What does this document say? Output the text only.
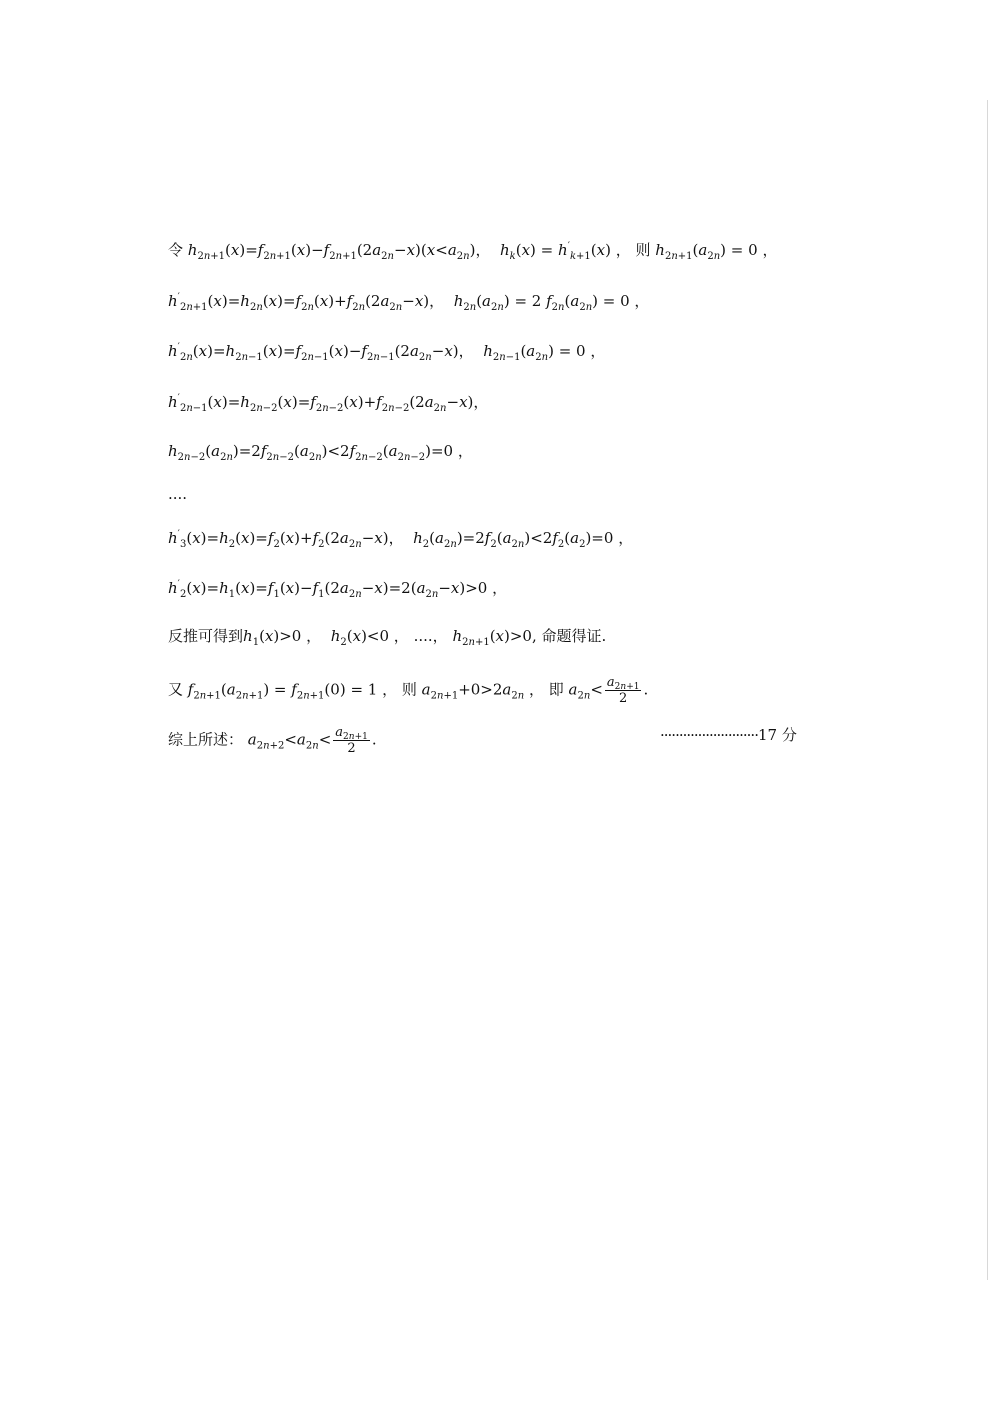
令 $h_{2n+1}(x)=f_{2n+1}(x)-f_{2n+1}(2a_{2n}-x)(x<a_{2n})$，  $h_k(x) = h'_{k+1}(x)$ ， 则 $h_{2n+1}(a_{2n}) = 0$ ，
$h'_{2n+1}(x)=h_{2n}(x)=f_{2n}(x)+f_{2n}(2a_{2n}-x)$，  $h_{2n}(a_{2n}) = 2$ $f_{2n}(a_{2n}) = 0$ ，
$h'_{2n}(x)=h_{2n-1}(x)=f_{2n-1}(x)-f_{2n-1}(2a_{2n}-x)$，  $h_{2n-1}(a_{2n}) = 0$ ，
$h'_{2n-1}(x)=h_{2n-2}(x)=f_{2n-2}(x)+f_{2n-2}(2a_{2n}-x)$，
$h_{2n-2}(a_{2n})=2f_{2n-2}(a_{2n})<2f_{2n-2}(a_{2n-2})=0$ ，
....
$h'_3(x)=h_2(x)=f_2(x)+f_2(2a_{2n}-x)$，  $h_2(a_{2n})=2f_2(a_{2n})<2f_2(a_2)=0$ ，
$h'_2(x)=h_1(x)=f_1(x)-f_1(2a_{2n}-x)=2(a_{2n}-x)>0$ ，
反推可得到$h_1(x)>0$ ， $h_2(x)<0$ ， ....， $h_{2n+1}(x)>0$, 命题得证.
又 $f_{2n+1}(a_{2n+1}) = f_{2n+1}(0) = 1$ ， 则 $a_{2n+1}+0>2a_{2n}$ ， 即 $a_{2n}< \frac{a_{2n+1}}{2}$ .
综上所述： $a_{2n+2}<a_{2n}< \frac{a_{2n+1}}{2}$ .	··························17 分
